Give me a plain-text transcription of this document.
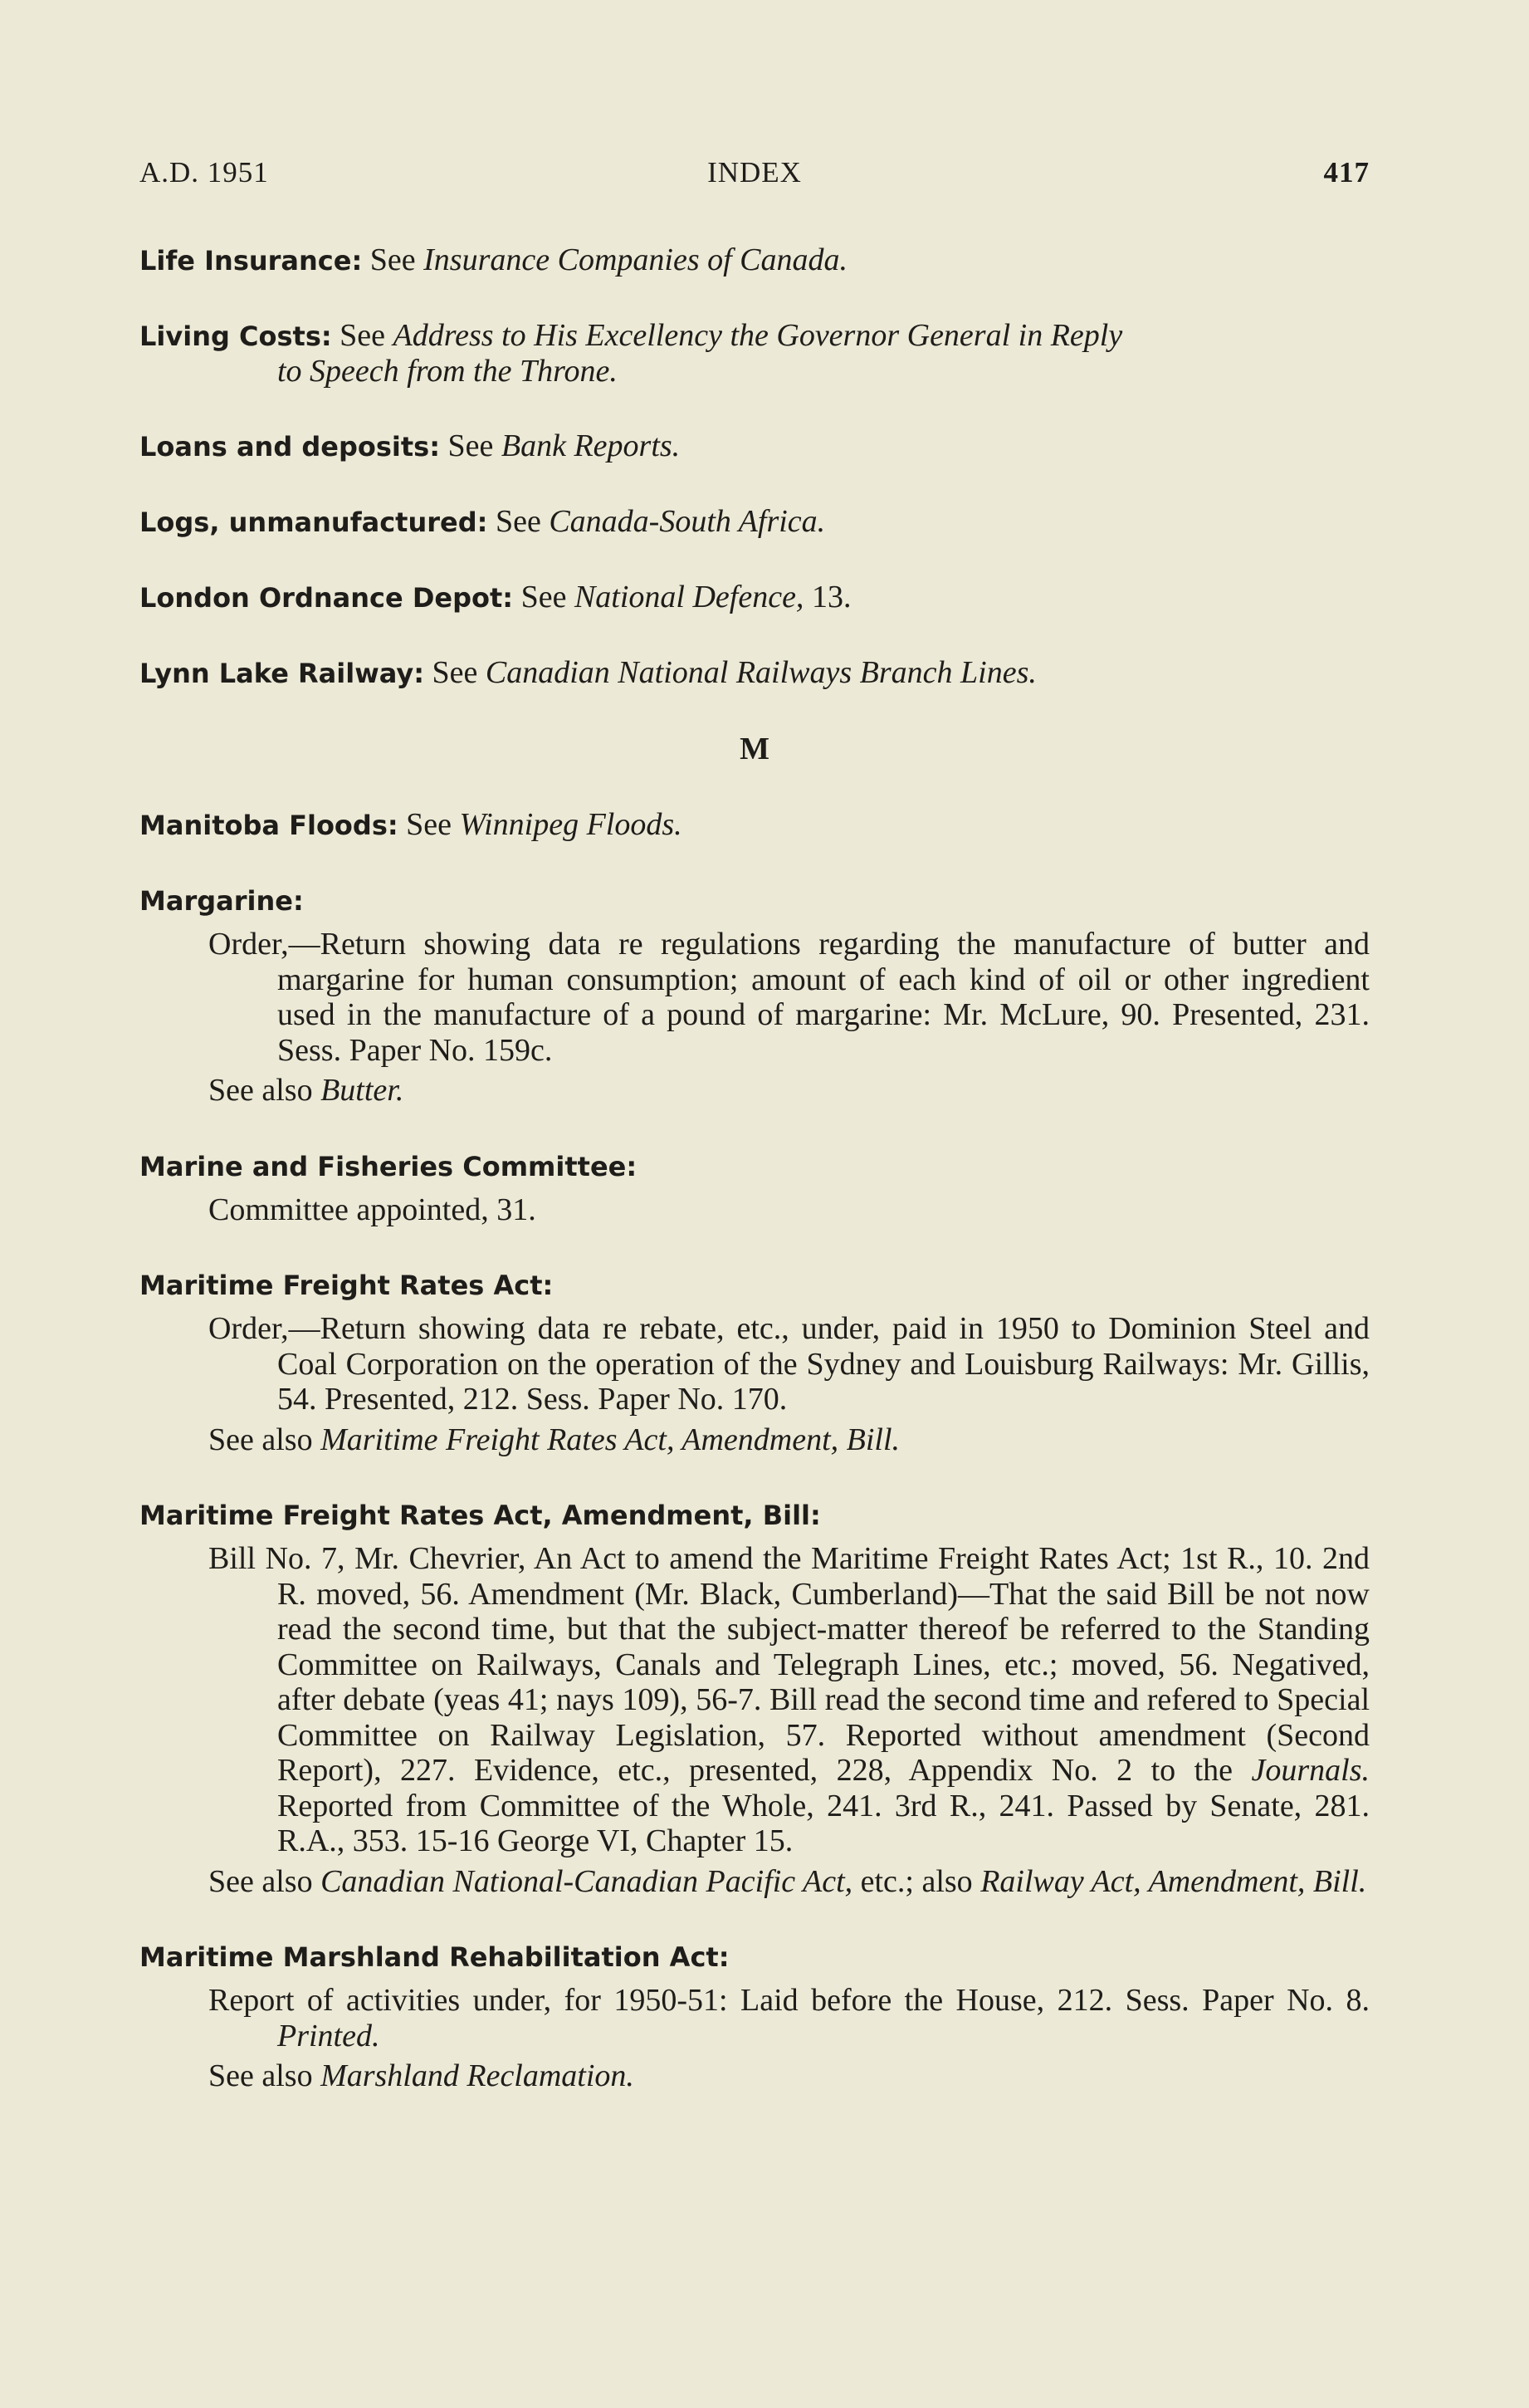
A.D. 1951	INDEX	417
Life Insurance: See Insurance Companies of Canada.
Living Costs: See Address to His Excellency the Governor General in Reply
to Speech from the Throne.
Loans and deposits: See Bank Reports.
Logs, unmanufactured: See Canada-South Africa.
London Ordnance Depot: See National Defence, 13.
Lynn Lake Railway: See Canadian National Railways Branch Lines.
M
Manitoba Floods: See Winnipeg Floods.
Margarine:
Order,—Return showing data re regulations regarding the manufacture of butter and margarine for human consumption; amount of each kind of oil or other ingredient used in the manufacture of a pound of margarine: Mr. McLure, 90. Presented, 231. Sess. Paper No. 159c.
See also Butter.
Marine and Fisheries Committee:
Committee appointed, 31.
Maritime Freight Rates Act:
Order,—Return showing data re rebate, etc., under, paid in 1950 to Dominion Steel and Coal Corporation on the operation of the Sydney and Louisburg Railways: Mr. Gillis, 54. Presented, 212. Sess. Paper No. 170.
See also Maritime Freight Rates Act, Amendment, Bill.
Maritime Freight Rates Act, Amendment, Bill:
Bill No. 7, Mr. Chevrier, An Act to amend the Maritime Freight Rates Act; 1st R., 10. 2nd R. moved, 56. Amendment (Mr. Black, Cumberland)—That the said Bill be not now read the second time, but that the subject-matter thereof be referred to the Standing Committee on Railways, Canals and Telegraph Lines, etc.; moved, 56. Negatived, after debate (yeas 41; nays 109), 56-7. Bill read the second time and refered to Special Committee on Railway Legislation, 57. Reported without amendment (Second Report), 227. Evidence, etc., presented, 228, Appendix No. 2 to the Journals. Reported from Committee of the Whole, 241. 3rd R., 241. Passed by Senate, 281. R.A., 353. 15-16 George VI, Chapter 15.
See also Canadian National-Canadian Pacific Act, etc.; also Railway Act, Amendment, Bill.
Maritime Marshland Rehabilitation Act:
Report of activities under, for 1950-51: Laid before the House, 212. Sess. Paper No. 8. Printed.
See also Marshland Reclamation.
